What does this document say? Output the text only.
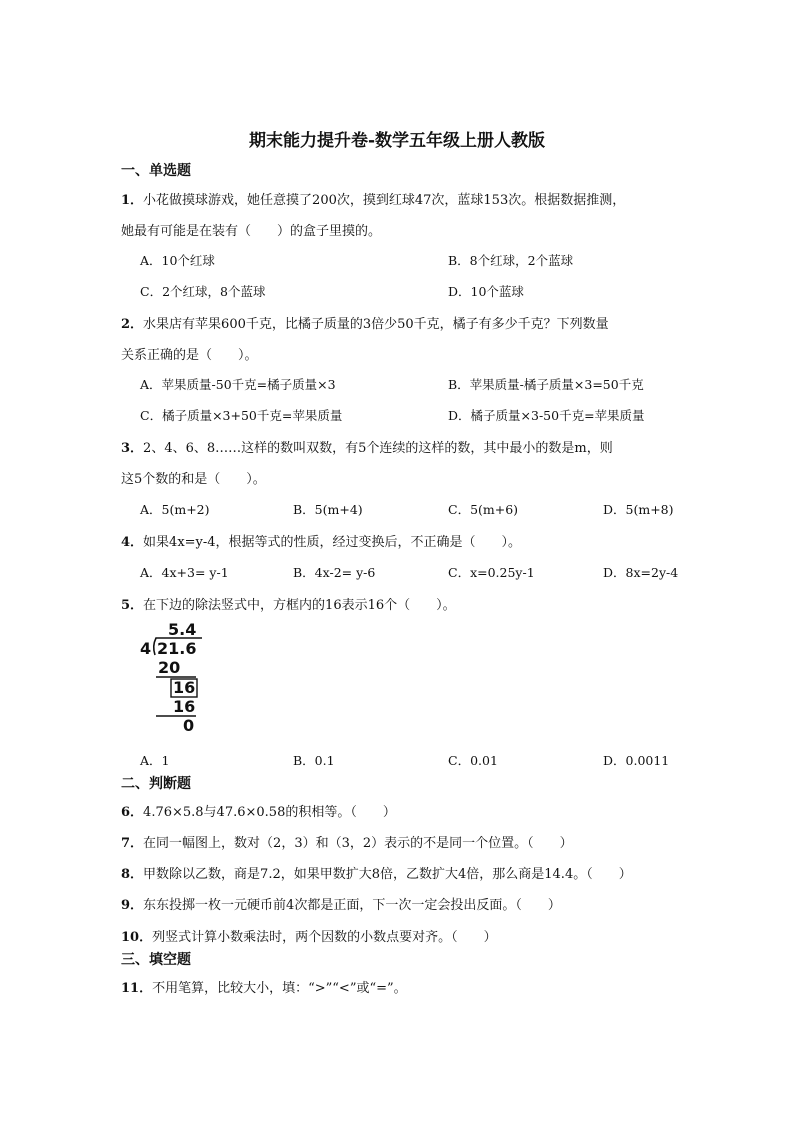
期末能力提升卷-数学五年级上册人教版
一、单选题
1．小花做摸球游戏，她任意摸了200次，摸到红球47次，蓝球153次。根据数据推测，
她最有可能是在装有（　　）的盒子里摸的。
A．10个红球	B．8个红球，2个蓝球
C．2个红球，8个蓝球	D．10个蓝球
2．水果店有苹果600千克，比橘子质量的3倍少50千克，橘子有多少千克？下列数量
关系正确的是（　　）。
A．苹果质量-50千克=橘子质量×3	B．苹果质量-橘子质量×3=50千克
C．橘子质量×3+50千克=苹果质量	D．橘子质量×3-50千克=苹果质量
3．2、4、6、8……这样的数叫双数，有5个连续的这样的数，其中最小的数是m，则
这5个数的和是（　　）。
A．5(m+2)	B．5(m+4)	C．5(m+6)	D．5(m+8)
4．如果4x=y-4，根据等式的性质，经过变换后，不正确是（　　）。
A．4x+3= y-1	B．4x-2= y-6	C．x=0.25y-1	D．8x=2y-4
5．在下边的除法竖式中，方框内的16表示16个（　　）。
5.4
4 21.6
20
16
16
0
A．1	B．0.1	C．0.01	D．0.0011
二、判断题
6．4.76×5.8与47.6×0.58的积相等。（　　）
7．在同一幅图上，数对（2，3）和（3，2）表示的不是同一个位置。（　　）
8．甲数除以乙数，商是7.2，如果甲数扩大8倍，乙数扩大4倍，那么商是14.4。（　　）
9．东东投掷一枚一元硬币前4次都是正面，下一次一定会投出反面。（　　）
10．列竖式计算小数乘法时，两个因数的小数点要对齐。（　　）
三、填空题
11．不用笔算，比较大小，填：“>”“<”或“=”。
